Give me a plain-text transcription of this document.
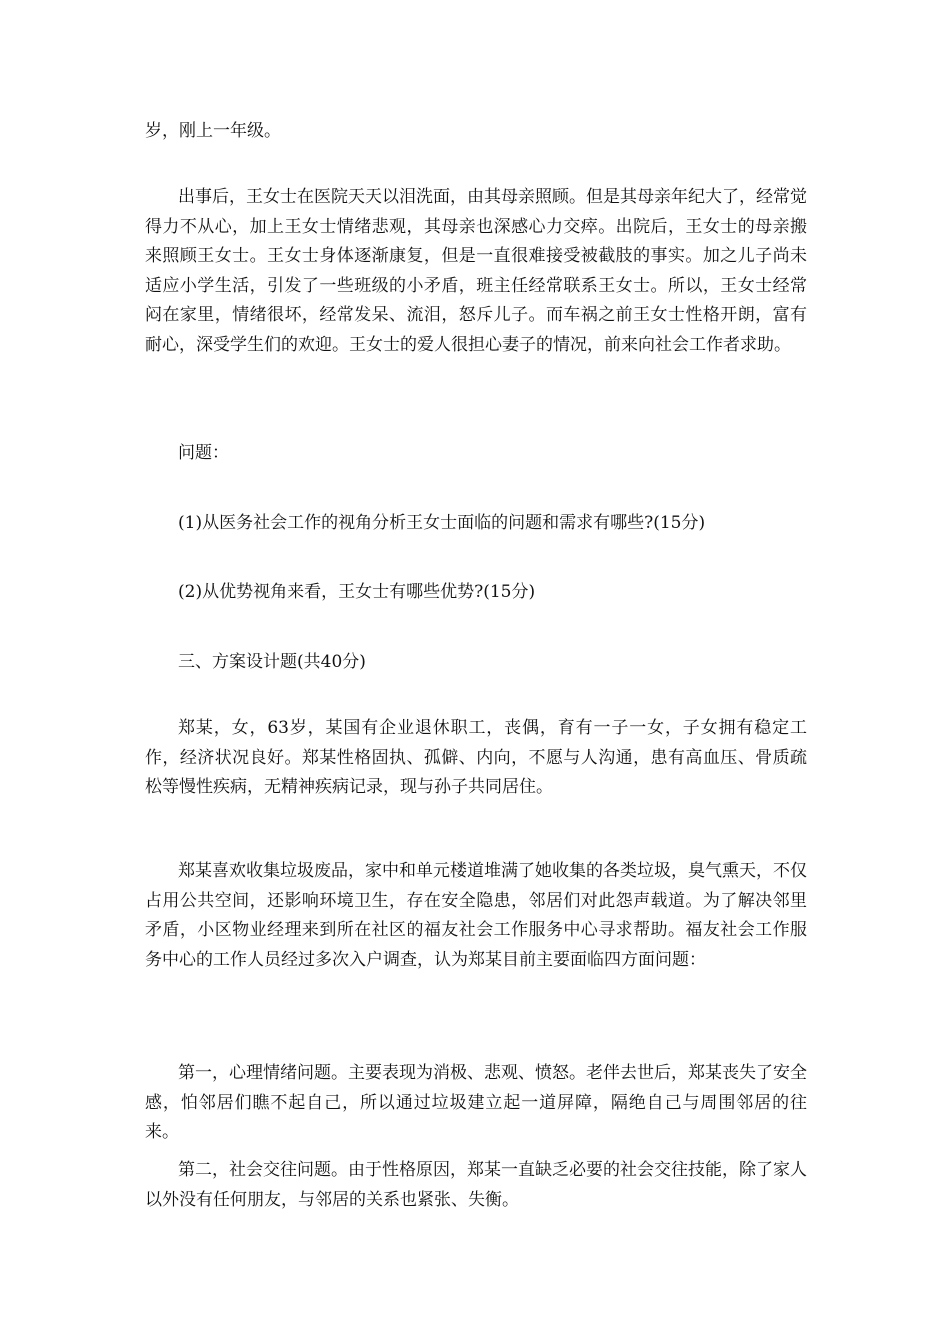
岁，刚上一年级。

出事后，王女士在医院天天以泪洗面，由其母亲照顾。但是其母亲年纪大了，经常觉得力不从心，加上王女士情绪悲观，其母亲也深感心力交瘁。出院后，王女士的母亲搬来照顾王女士。王女士身体逐渐康复，但是一直很难接受被截肢的事实。加之儿子尚未适应小学生活，引发了一些班级的小矛盾，班主任经常联系王女士。所以，王女士经常闷在家里，情绪很坏，经常发呆、流泪，怒斥儿子。而车祸之前王女士性格开朗，富有耐心，深受学生们的欢迎。王女士的爱人很担心妻子的情况，前来向社会工作者求助。

问题：

(1)从医务社会工作的视角分析王女士面临的问题和需求有哪些?(15分)

(2)从优势视角来看，王女士有哪些优势?(15分)

三、方案设计题(共40分)

郑某，女，63岁，某国有企业退休职工，丧偶，育有一子一女，子女拥有稳定工作，经济状况良好。郑某性格固执、孤僻、内向，不愿与人沟通，患有高血压、骨质疏松等慢性疾病，无精神疾病记录，现与孙子共同居住。

郑某喜欢收集垃圾废品，家中和单元楼道堆满了她收集的各类垃圾，臭气熏天，不仅占用公共空间，还影响环境卫生，存在安全隐患，邻居们对此怨声载道。为了解决邻里矛盾，小区物业经理来到所在社区的福友社会工作服务中心寻求帮助。福友社会工作服务中心的工作人员经过多次入户调查，认为郑某目前主要面临四方面问题：

第一，心理情绪问题。主要表现为消极、悲观、愤怒。老伴去世后，郑某丧失了安全感，怕邻居们瞧不起自己，所以通过垃圾建立起一道屏障，隔绝自己与周围邻居的往来。

第二，社会交往问题。由于性格原因，郑某一直缺乏必要的社会交往技能，除了家人以外没有任何朋友，与邻居的关系也紧张、失衡。
